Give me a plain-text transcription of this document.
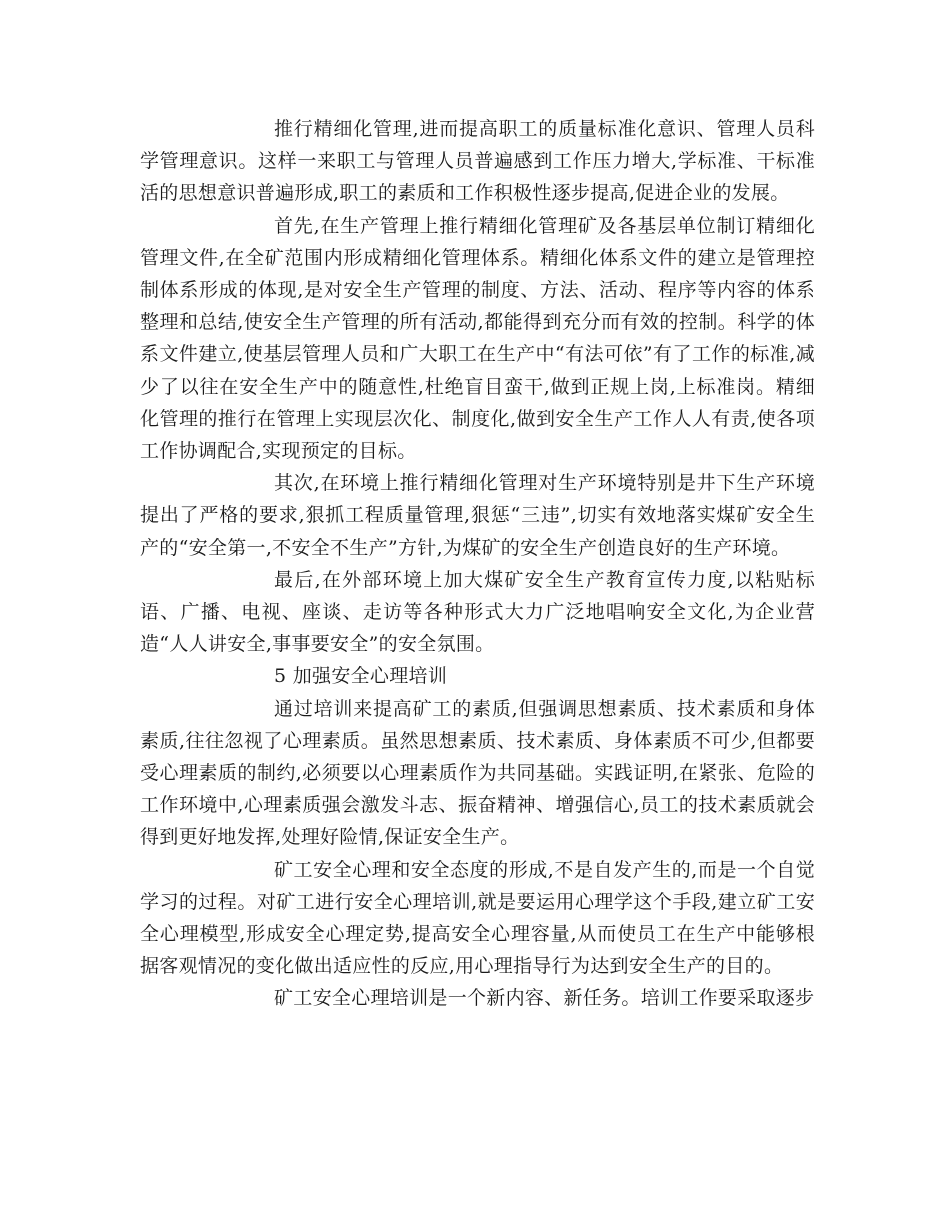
推行精细化管理,进而提高职工的质量标准化意识、管理人员科学管理意识。这样一来职工与管理人员普遍感到工作压力增大,学标准、干标准活的思想意识普遍形成,职工的素质和工作积极性逐步提高,促进企业的发展。

首先,在生产管理上推行精细化管理矿及各基层单位制订精细化管理文件,在全矿范围内形成精细化管理体系。精细化体系文件的建立是管理控制体系形成的体现,是对安全生产管理的制度、方法、活动、程序等内容的体系整理和总结,使安全生产管理的所有活动,都能得到充分而有效的控制。科学的体系文件建立,使基层管理人员和广大职工在生产中“有法可依”有了工作的标准,减少了以往在安全生产中的随意性,杜绝盲目蛮干,做到正规上岗,上标准岗。精细化管理的推行在管理上实现层次化、制度化,做到安全生产工作人人有责,使各项工作协调配合,实现预定的目标。

其次,在环境上推行精细化管理对生产环境特别是井下生产环境提出了严格的要求,狠抓工程质量管理,狠惩“三违”,切实有效地落实煤矿安全生产的“安全第一,不安全不生产”方针,为煤矿的安全生产创造良好的生产环境。

最后,在外部环境上加大煤矿安全生产教育宣传力度,以粘贴标语、广播、电视、座谈、走访等各种形式大力广泛地唱响安全文化,为企业营造“人人讲安全,事事要安全”的安全氛围。

5 加强安全心理培训

通过培训来提高矿工的素质,但强调思想素质、技术素质和身体素质,往往忽视了心理素质。虽然思想素质、技术素质、身体素质不可少,但都要受心理素质的制约,必须要以心理素质作为共同基础。实践证明,在紧张、危险的工作环境中,心理素质强会激发斗志、振奋精神、增强信心,员工的技术素质就会得到更好地发挥,处理好险情,保证安全生产。

矿工安全心理和安全态度的形成,不是自发产生的,而是一个自觉学习的过程。对矿工进行安全心理培训,就是要运用心理学这个手段,建立矿工安全心理模型,形成安全心理定势,提高安全心理容量,从而使员工在生产中能够根据客观情况的变化做出适应性的反应,用心理指导行为达到安全生产的目的。

矿工安全心理培训是一个新内容、新任务。培训工作要采取逐步
